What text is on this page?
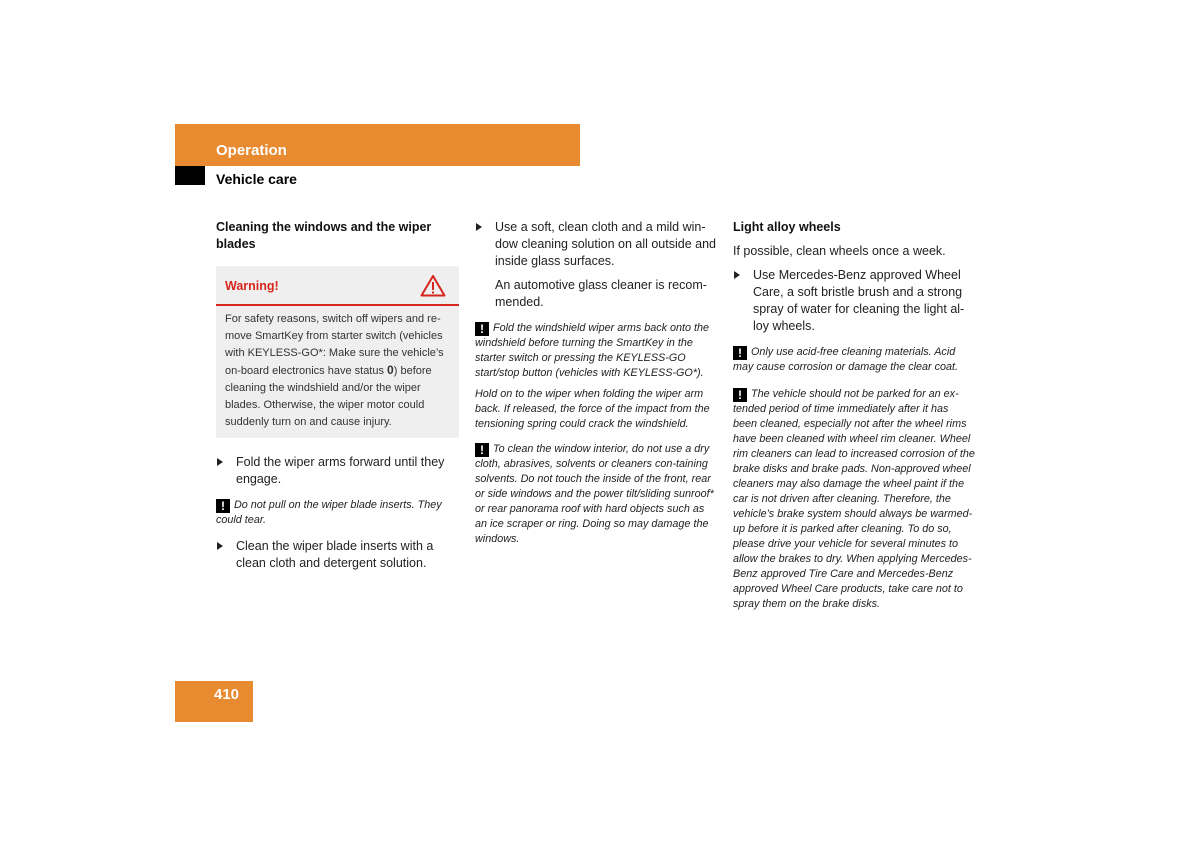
Operation
Vehicle care
Cleaning the windows and the wiper blades
Warning!
For safety reasons, switch off wipers and re-move SmartKey from starter switch (vehicles with KEYLESS-GO*: Make sure the vehicle’s on-board electronics have status 0) before cleaning the windshield and/or the wiper blades. Otherwise, the wiper motor could suddenly turn on and cause injury.
Fold the wiper arms forward until they engage.
! Do not pull on the wiper blade inserts. They could tear.
Clean the wiper blade inserts with a clean cloth and detergent solution.
Use a soft, clean cloth and a mild win-dow cleaning solution on all outside and inside glass surfaces.
An automotive glass cleaner is recom-mended.
! Fold the windshield wiper arms back onto the windshield before turning the SmartKey in the starter switch or pressing the KEYLESS-GO start/stop button (vehicles with KEYLESS-GO*).
Hold on to the wiper when folding the wiper arm back. If released, the force of the impact from the tensioning spring could crack the windshield.
! To clean the window interior, do not use a dry cloth, abrasives, solvents or cleaners con-taining solvents. Do not touch the inside of the front, rear or side windows and the power tilt/sliding sunroof* or rear panorama roof with hard objects such as an ice scraper or ring. Doing so may damage the windows.
Light alloy wheels
If possible, clean wheels once a week.
Use Mercedes-Benz approved Wheel Care, a soft bristle brush and a strong spray of water for cleaning the light al-loy wheels.
! Only use acid-free cleaning materials. Acid may cause corrosion or damage the clear coat.
! The vehicle should not be parked for an ex-tended period of time immediately after it has been cleaned, especially not after the wheel rims have been cleaned with wheel rim cleaner. Wheel rim cleaners can lead to increased corrosion of the brake disks and brake pads. Non-approved wheel cleaners may also damage the wheel paint if the car is not driven after cleaning. Therefore, the vehicle’s brake system should always be warmed-up before it is parked after cleaning. To do so, please drive your vehicle for several minutes to allow the brakes to dry. When applying Mercedes-Benz approved Tire Care and Mercedes-Benz approved Wheel Care products, take care not to spray them on the brake disks.
410
